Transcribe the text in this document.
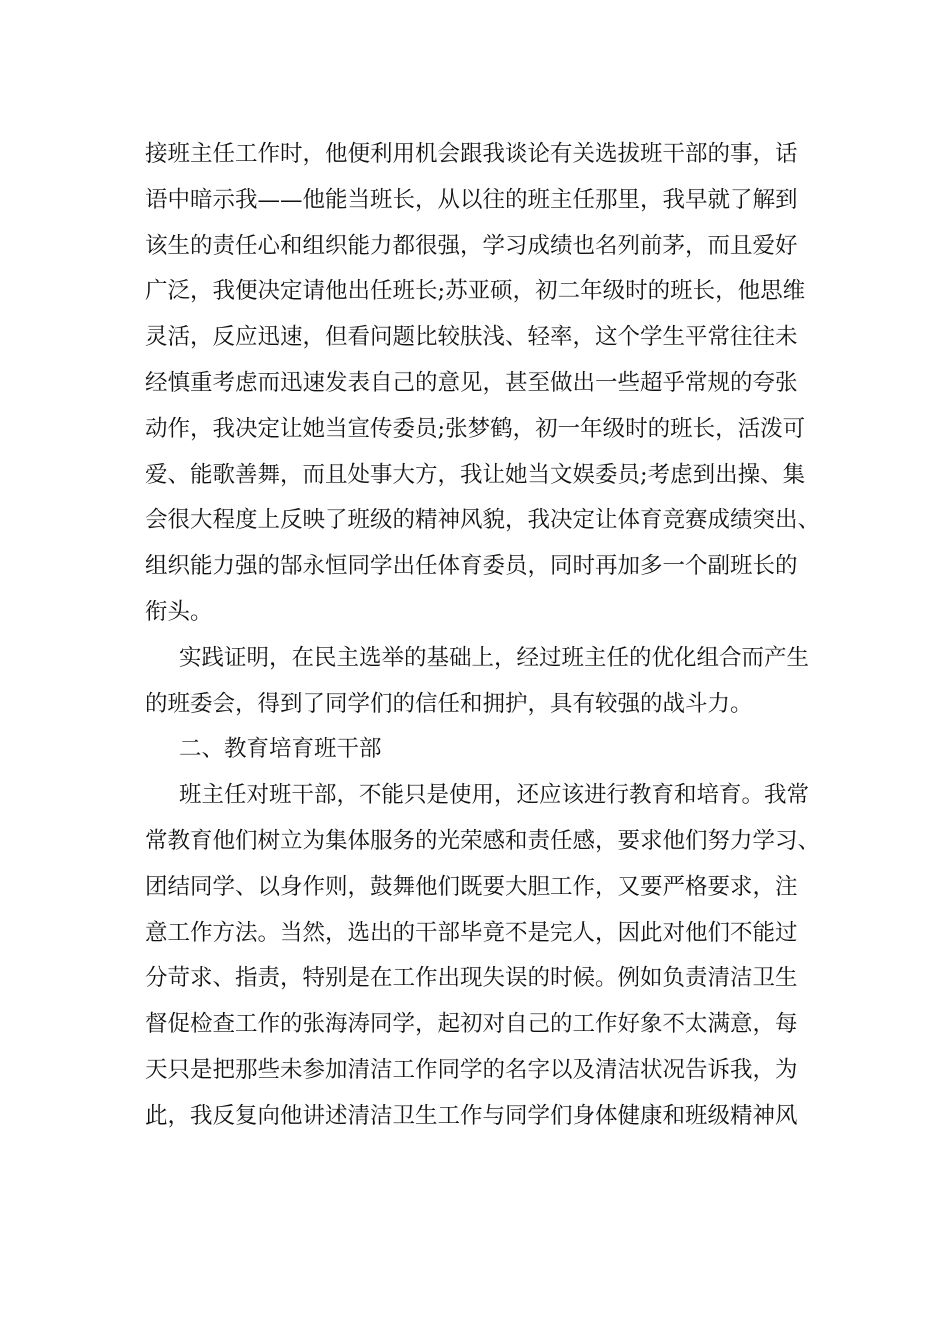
接班主任工作时，他便利用机会跟我谈论有关选拔班干部的事，话
语中暗示我——他能当班长，从以往的班主任那里，我早就了解到
该生的责任心和组织能力都很强，学习成绩也名列前茅，而且爱好
广泛，我便决定请他出任班长;苏亚硕，初二年级时的班长，他思维
灵活，反应迅速，但看问题比较肤浅、轻率，这个学生平常往往未
经慎重考虑而迅速发表自己的意见，甚至做出一些超乎常规的夸张
动作，我决定让她当宣传委员;张梦鹤，初一年级时的班长，活泼可
爱、能歌善舞，而且处事大方，我让她当文娱委员;考虑到出操、集
会很大程度上反映了班级的精神风貌，我决定让体育竞赛成绩突出、
组织能力强的郜永恒同学出任体育委员，同时再加多一个副班长的
衔头。
实践证明，在民主选举的基础上，经过班主任的优化组合而产生
的班委会，得到了同学们的信任和拥护，具有较强的战斗力。
二、教育培育班干部
班主任对班干部，不能只是使用，还应该进行教育和培育。我常
常教育他们树立为集体服务的光荣感和责任感，要求他们努力学习、
团结同学、以身作则，鼓舞他们既要大胆工作，又要严格要求，注
意工作方法。当然，选出的干部毕竟不是完人，因此对他们不能过
分苛求、指责，特别是在工作出现失误的时候。例如负责清洁卫生
督促检查工作的张海涛同学，起初对自己的工作好象不太满意，每
天只是把那些未参加清洁工作同学的名字以及清洁状况告诉我，为
此，我反复向他讲述清洁卫生工作与同学们身体健康和班级精神风
